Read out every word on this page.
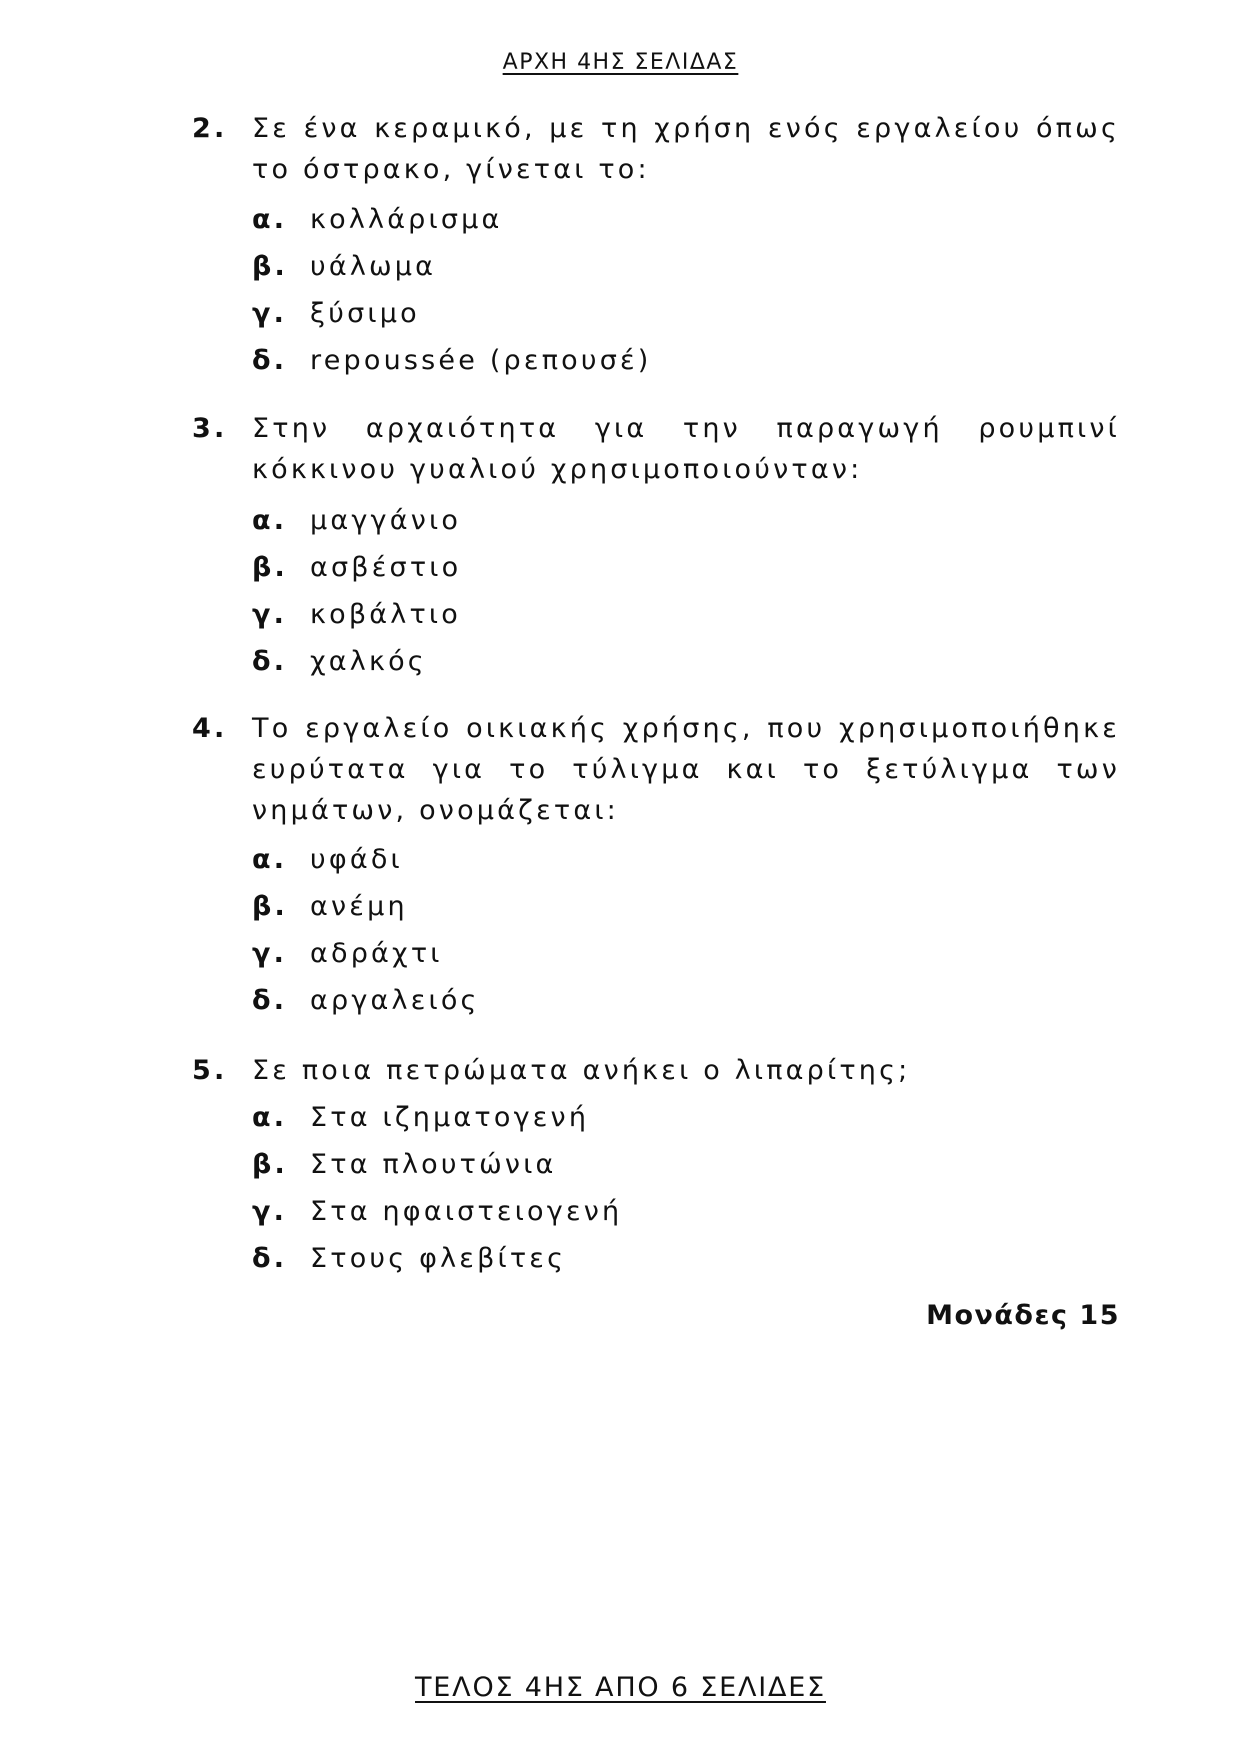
ΑΡΧΗ 4ΗΣ ΣΕΛΙΔΑΣ
2. Σε ένα κεραμικό, με τη χρήση ενός εργαλείου όπως το όστρακο, γίνεται το:
α. κολλάρισμα
β. υάλωμα
γ. ξύσιμο
δ. repoussée (ρεπουσέ)
3. Στην αρχαιότητα για την παραγωγή ρουμπινί κόκκινου γυαλιού χρησιμοποιούνταν:
α. μαγγάνιο
β. ασβέστιο
γ. κοβάλτιο
δ. χαλκός
4. Το εργαλείο οικιακής χρήσης, που χρησιμοποιήθηκε ευρύτατα για το τύλιγμα και το ξετύλιγμα των νημάτων, ονομάζεται:
α. υφάδι
β. ανέμη
γ. αδράχτι
δ. αργαλειός
5. Σε ποια πετρώματα ανήκει ο λιπαρίτης;
α. Στα ιζηματογενή
β. Στα πλουτώνια
γ. Στα ηφαιστειογενή
δ. Στους φλεβίτες
Μονάδες 15
ΤΕΛΟΣ 4ΗΣ ΑΠΟ 6 ΣΕΛΙΔΕΣ
